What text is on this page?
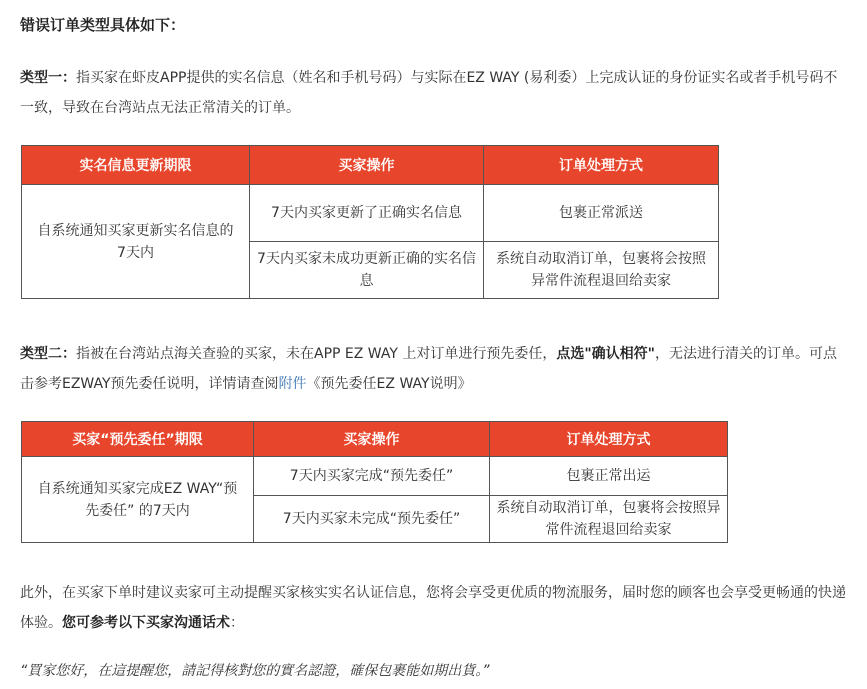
错误订单类型具体如下：
类型一：指买家在虾皮APP提供的实名信息（姓名和手机号码）与实际在EZ WAY (易利委）上完成认证的身份证实名或者手机号码不一致，导致在台湾站点无法正常清关的订单。
实名信息更新期限	买家操作	订单处理方式
自系统通知买家更新实名信息的7天内	7天内买家更新了正确实名信息	包裹正常派送
	7天内买家未成功更新正确的实名信息	系统自动取消订单，包裹将会按照异常件流程退回给卖家
类型二：指被在台湾站点海关查验的买家，未在APP EZ WAY 上对订单进行预先委任，点选"确认相符"，无法进行清关的订单。可点击参考EZWAY预先委任说明，详情请查阅附件《预先委任EZ WAY说明》
买家“预先委任”期限	买家操作	订单处理方式
自系统通知买家完成EZ WAY“预先委任” 的7天内	7天内买家完成“预先委任”	包裹正常出运
	7天内买家未完成“预先委任”	系统自动取消订单，包裹将会按照异常件流程退回给卖家
此外，在买家下单时建议卖家可主动提醒买家核实实名认证信息，您将会享受更优质的物流服务，届时您的顾客也会享受更畅通的快递体验。您可参考以下买家沟通话术：
“買家您好，在這提醒您，請記得核對您的實名認證，確保包裹能如期出貨。”
